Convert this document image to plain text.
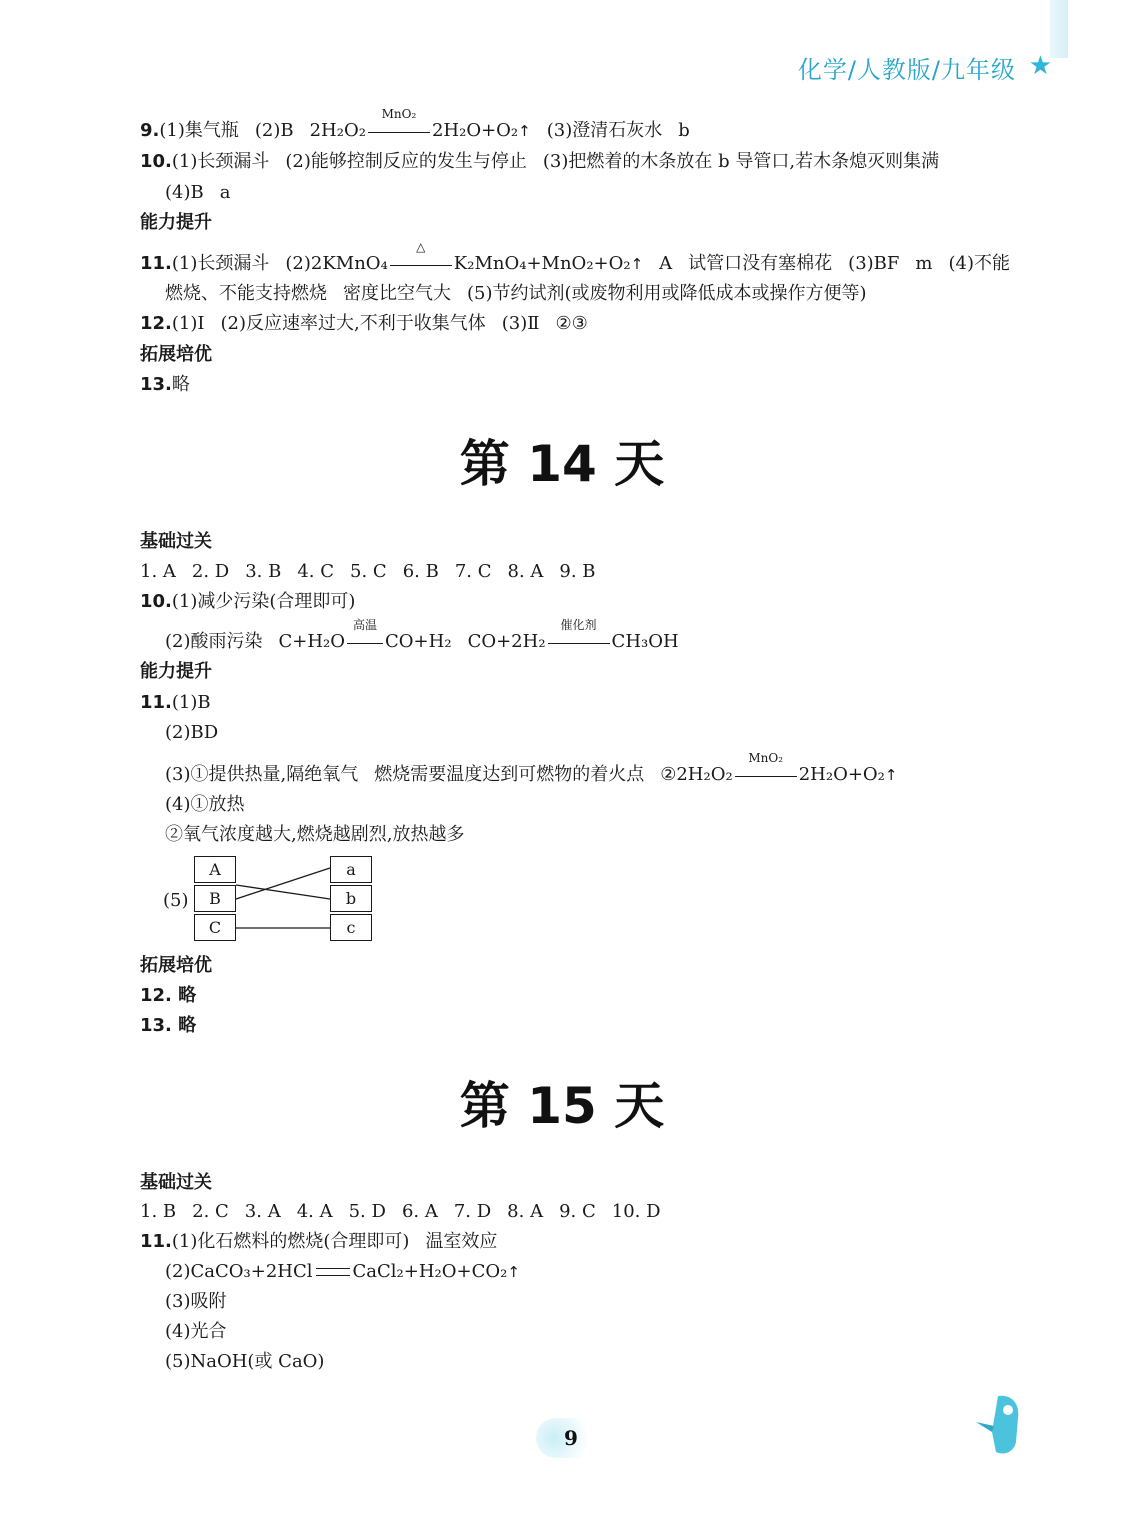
化学/人教版/九年级 ★
9.(1)集气瓶 (2)B 2H₂O₂
MnO₂
2H₂O+O₂↑ (3)澄清石灰水 b
10.(1)长颈漏斗 (2)能够控制反应的发生与停止 (3)把燃着的木条放在 b 导管口,若木条熄灭则集满
(4)B a
能力提升
11.(1)长颈漏斗 (2)2KMnO₄
△
K₂MnO₄+MnO₂+O₂↑ A 试管口没有塞棉花 (3)BF m (4)不能
燃烧、不能支持燃烧 密度比空气大 (5)节约试剂(或废物利用或降低成本或操作方便等)
12.(1)Ⅰ (2)反应速率过大,不利于收集气体 (3)Ⅱ ②③
拓展培优
13.略
第 14 天
基础过关
1. A 2. D 3. B 4. C 5. C 6. B 7. C 8. A 9. B
10.(1)减少污染(合理即可)
(2)酸雨污染 C+H₂O
高温
CO+H₂ CO+2H₂
催化剂
CH₃OH
能力提升
11.(1)B
(2)BD
(3)①提供热量,隔绝氧气 燃烧需要温度达到可燃物的着火点 ②2H₂O₂
MnO₂
2H₂O+O₂↑
(4)①放热
②氧气浓度越大,燃烧越剧烈,放热越多
(5)
A
B
C
a
b
c
拓展培优
12. 略
13. 略
第 15 天
基础过关
1. B 2. C 3. A 4. A 5. D 6. A 7. D 8. A 9. C 10. D
11.(1)化石燃料的燃烧(合理即可) 温室效应
(2)CaCO₃+2HCl CaCl₂+H₂O+CO₂↑
(3)吸附
(4)光合
(5)NaOH(或 CaO)
9
